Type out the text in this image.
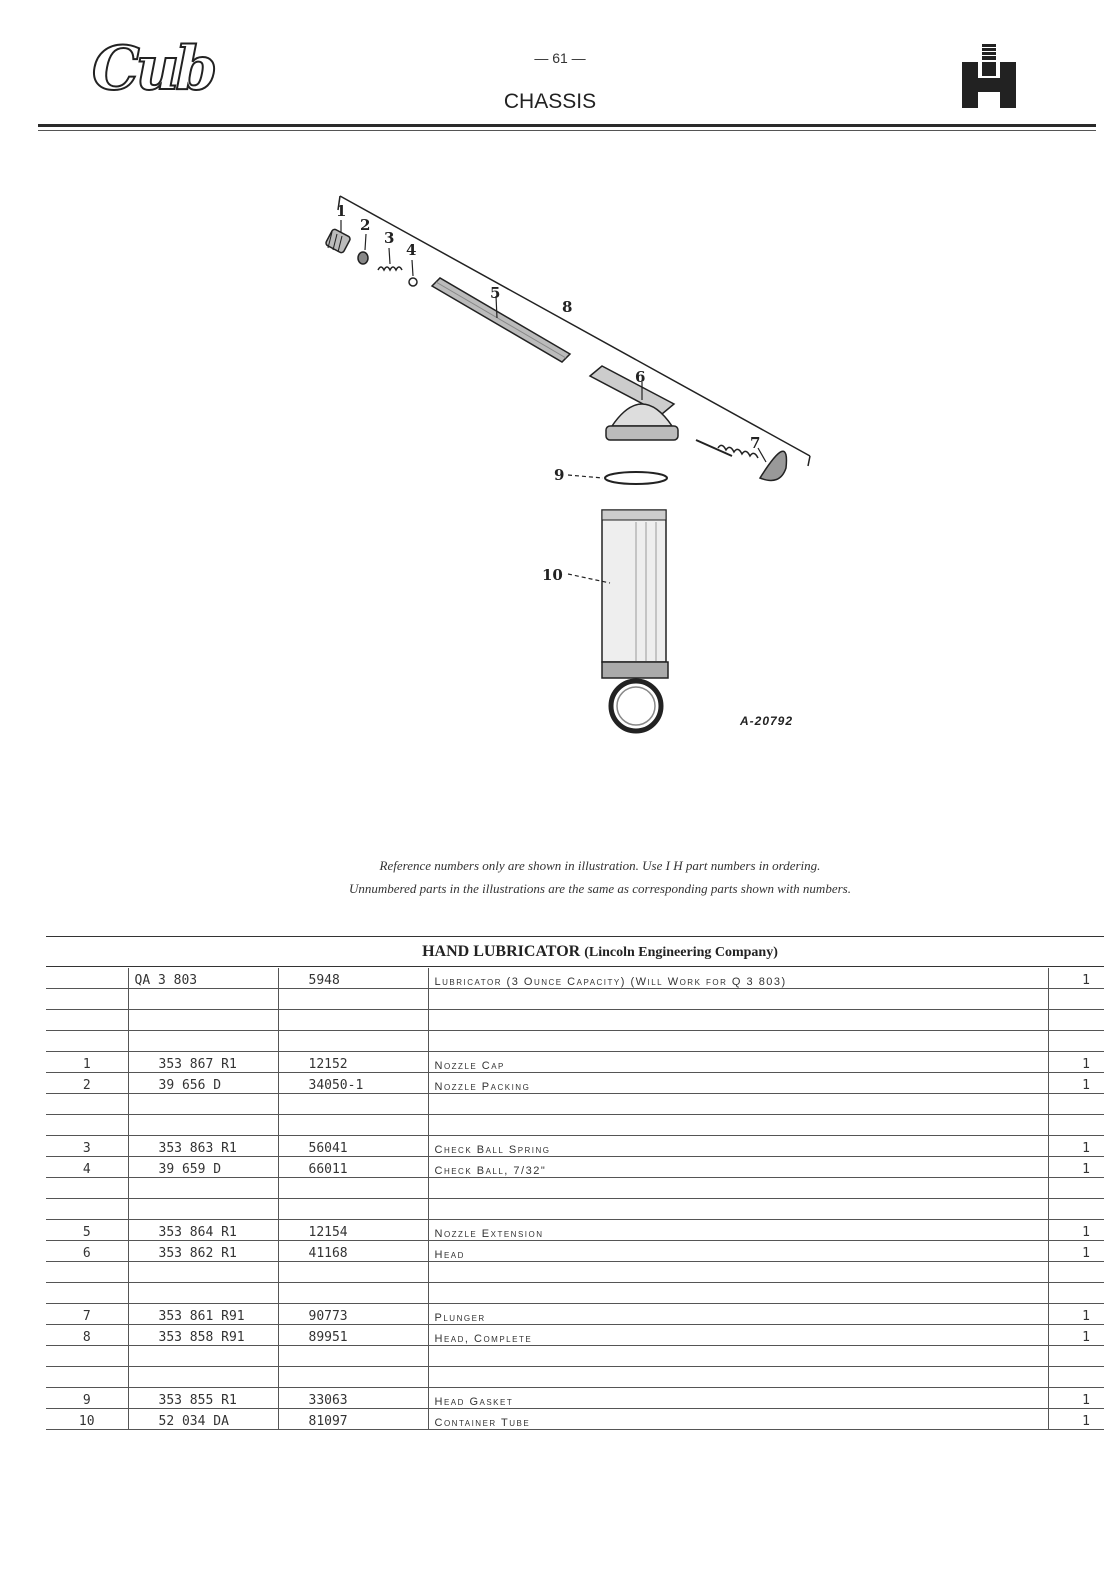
Cub	— 61 —
CHASSIS
1
2
3
4
5
6
7
8
9
10
A-20792
Reference numbers only are shown in illustration. Use I H part numbers in ordering.
Unnumbered parts in the illustrations are the same as corresponding parts shown with numbers.
HAND LUBRICATOR (Lincoln Engineering Company)
	QA 3 803	5948	Lubricator (3 Ounce Capacity) (Will Work for Q 3 803)	1

1	353 867 R1	12152	Nozzle Cap	1
2	39 656 D	34050-1	Nozzle Packing	1

3	353 863 R1	56041	Check Ball Spring	1
4	39 659 D	66011	Check Ball, 7/32"	1

5	353 864 R1	12154	Nozzle Extension	1
6	353 862 R1	41168	Head	1

7	353 861 R91	90773	Plunger	1
8	353 858 R91	89951	Head, Complete	1

9	353 855 R1	33063	Head Gasket	1
10	52 034 DA	81097	Container Tube	1
